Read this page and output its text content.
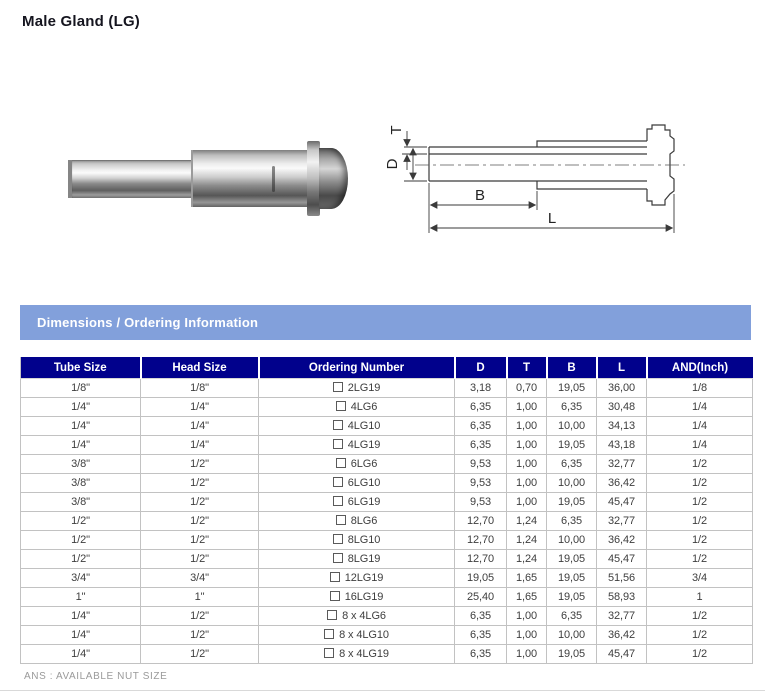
Male Gland (LG)
T
D
B
L
Dimensions / Ordering Information
Tube Size	Head Size	Ordering Number	D	T	B	L	AND(Inch)
1/8"	1/8"	2LG19	3,18	0,70	19,05	36,00	1/8
1/4"	1/4"	4LG6	6,35	1,00	6,35	30,48	1/4
1/4"	1/4"	4LG10	6,35	1,00	10,00	34,13	1/4
1/4"	1/4"	4LG19	6,35	1,00	19,05	43,18	1/4
3/8"	1/2"	6LG6	9,53	1,00	6,35	32,77	1/2
3/8"	1/2"	6LG10	9,53	1,00	10,00	36,42	1/2
3/8"	1/2"	6LG19	9,53	1,00	19,05	45,47	1/2
1/2"	1/2"	8LG6	12,70	1,24	6,35	32,77	1/2
1/2"	1/2"	8LG10	12,70	1,24	10,00	36,42	1/2
1/2"	1/2"	8LG19	12,70	1,24	19,05	45,47	1/2
3/4"	3/4"	12LG19	19,05	1,65	19,05	51,56	3/4
1"	1"	16LG19	25,40	1,65	19,05	58,93	1
1/4"	1/2"	8 x 4LG6	6,35	1,00	6,35	32,77	1/2
1/4"	1/2"	8 x 4LG10	6,35	1,00	10,00	36,42	1/2
1/4"	1/2"	8 x 4LG19	6,35	1,00	19,05	45,47	1/2
ANS : AVAILABLE NUT SIZE
